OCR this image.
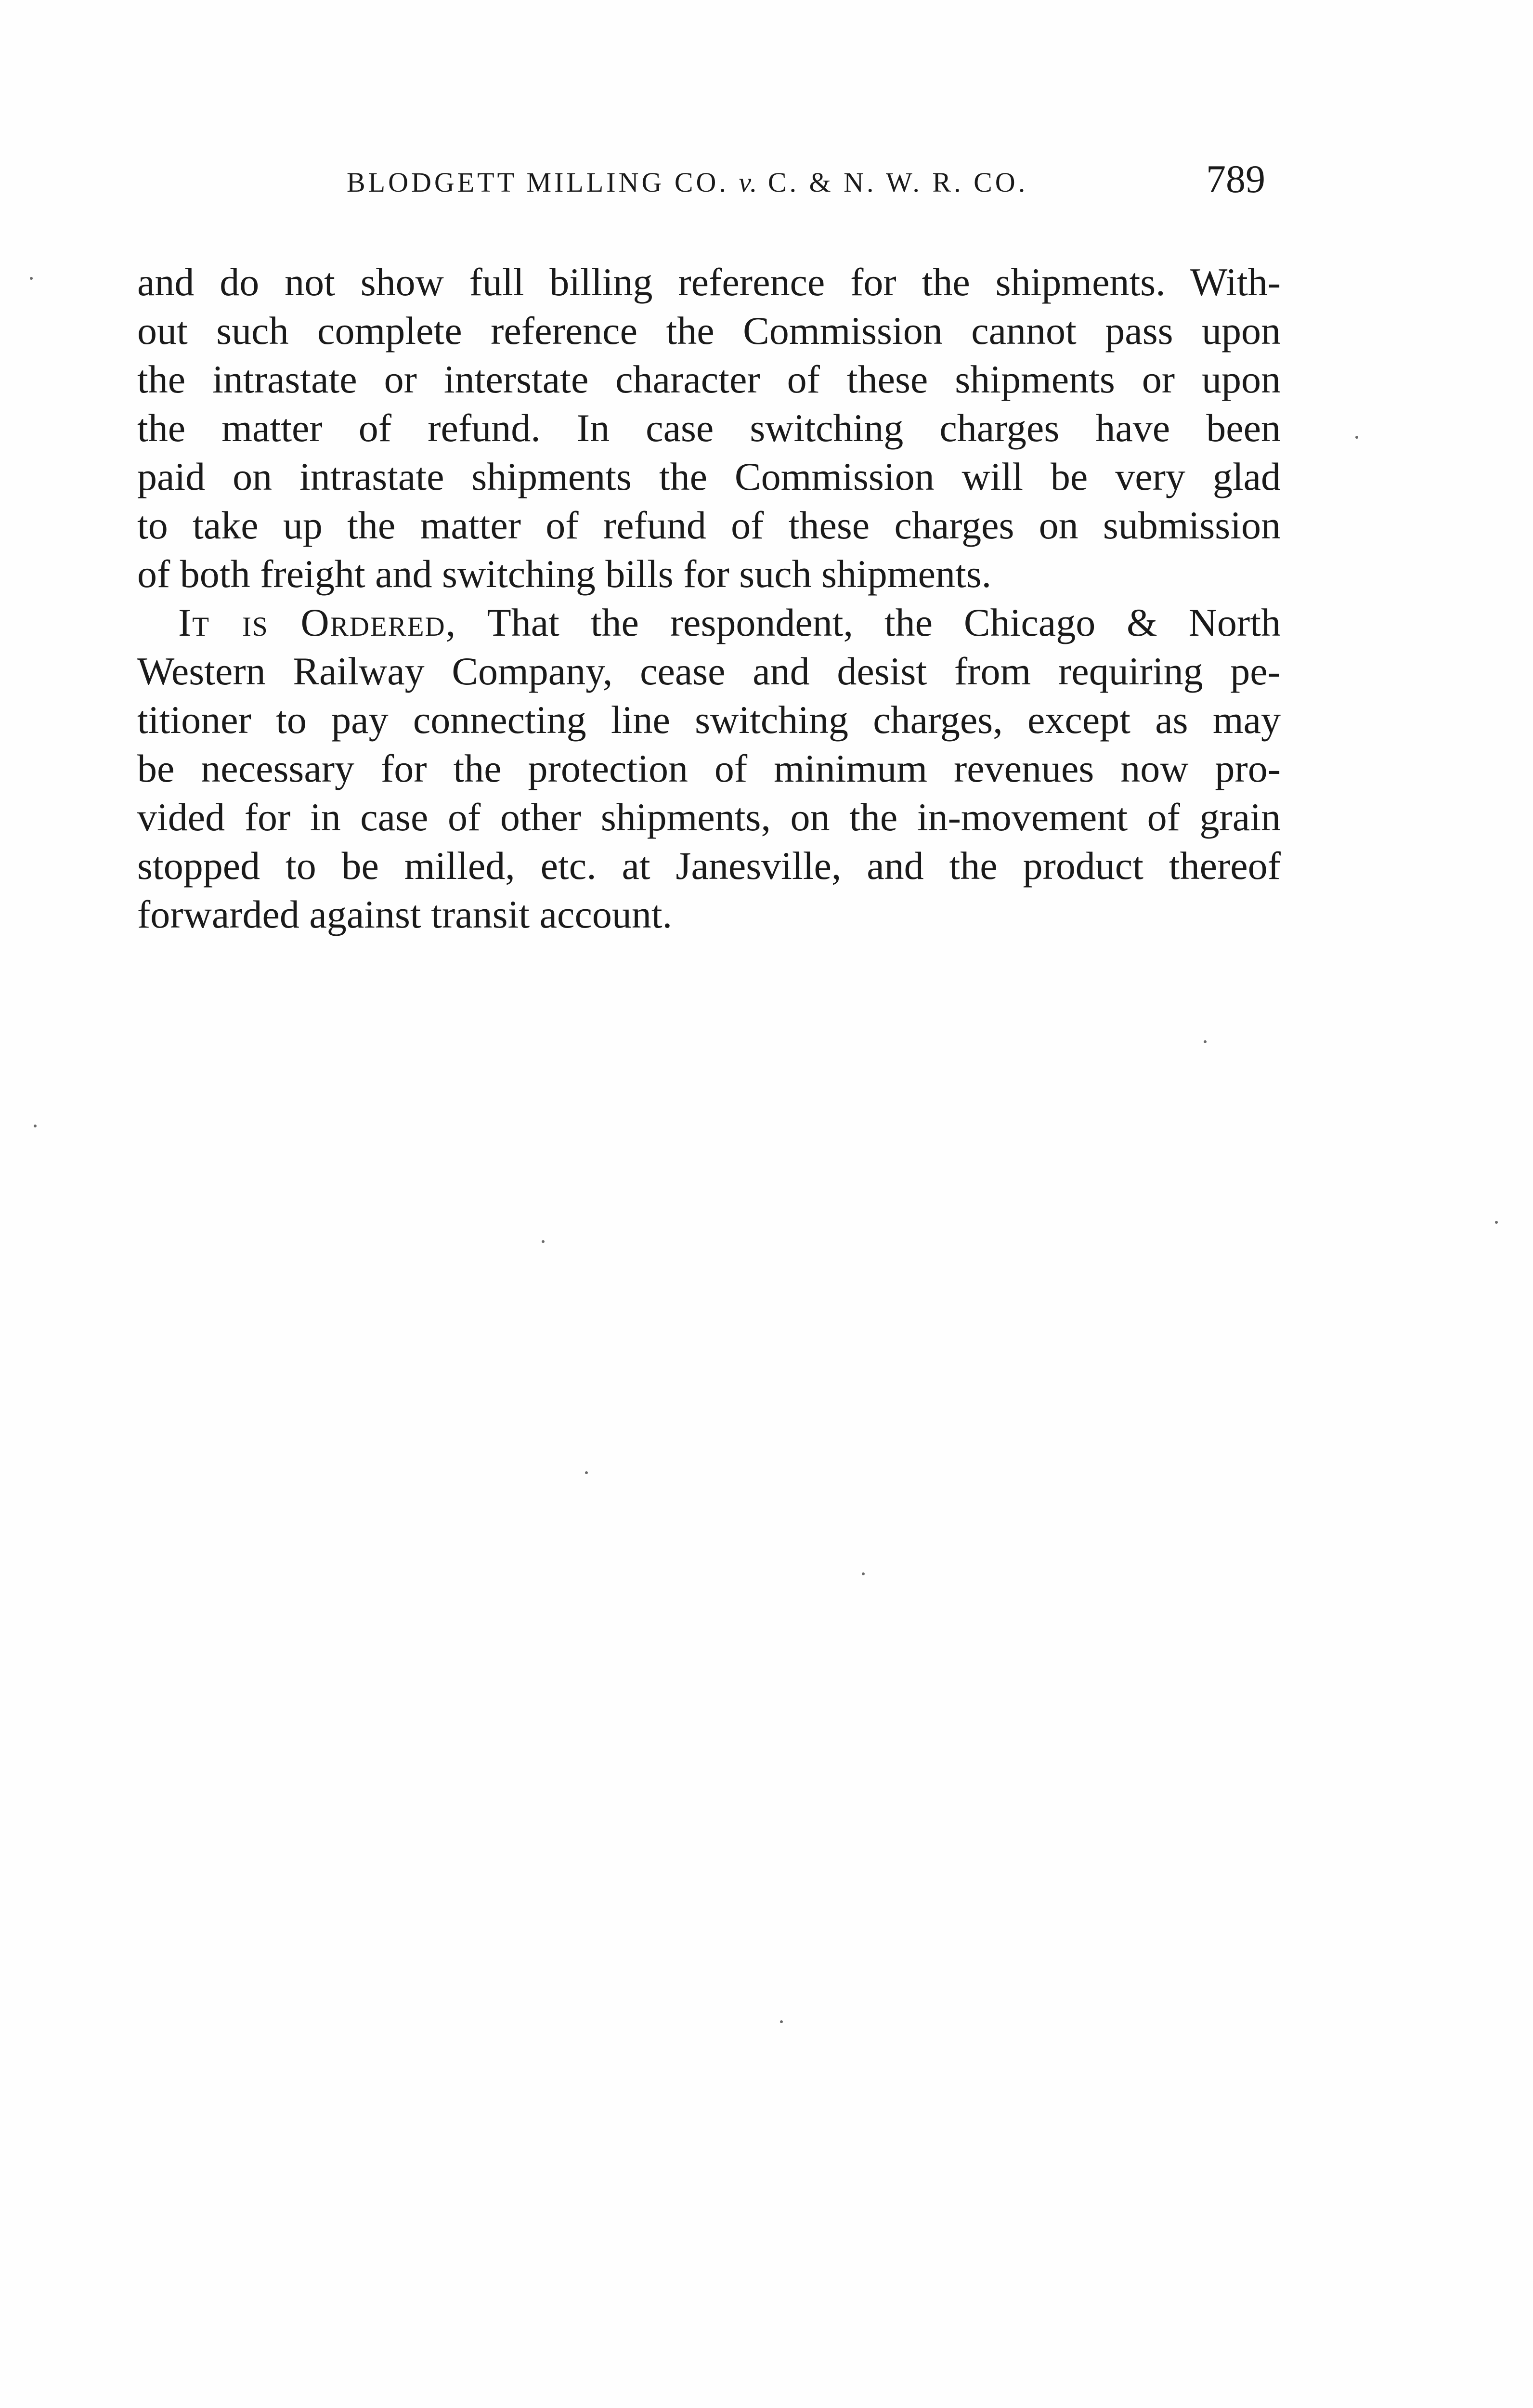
BLODGETT MILLING CO. v. C. & N. W. R. CO.	789
and do not show full billing reference for the shipments. With-
out such complete reference the Commission cannot pass upon
the intrastate or interstate character of these shipments or upon
the matter of refund. In case switching charges have been
paid on intrastate shipments the Commission will be very glad
to take up the matter of refund of these charges on submission
of both freight and switching bills for such shipments.
It is Ordered, That the respondent, the Chicago & North
Western Railway Company, cease and desist from requiring pe-
titioner to pay connecting line switching charges, except as may
be necessary for the protection of minimum revenues now pro-
vided for in case of other shipments, on the in-movement of grain
stopped to be milled, etc. at Janesville, and the product thereof
forwarded against transit account.
